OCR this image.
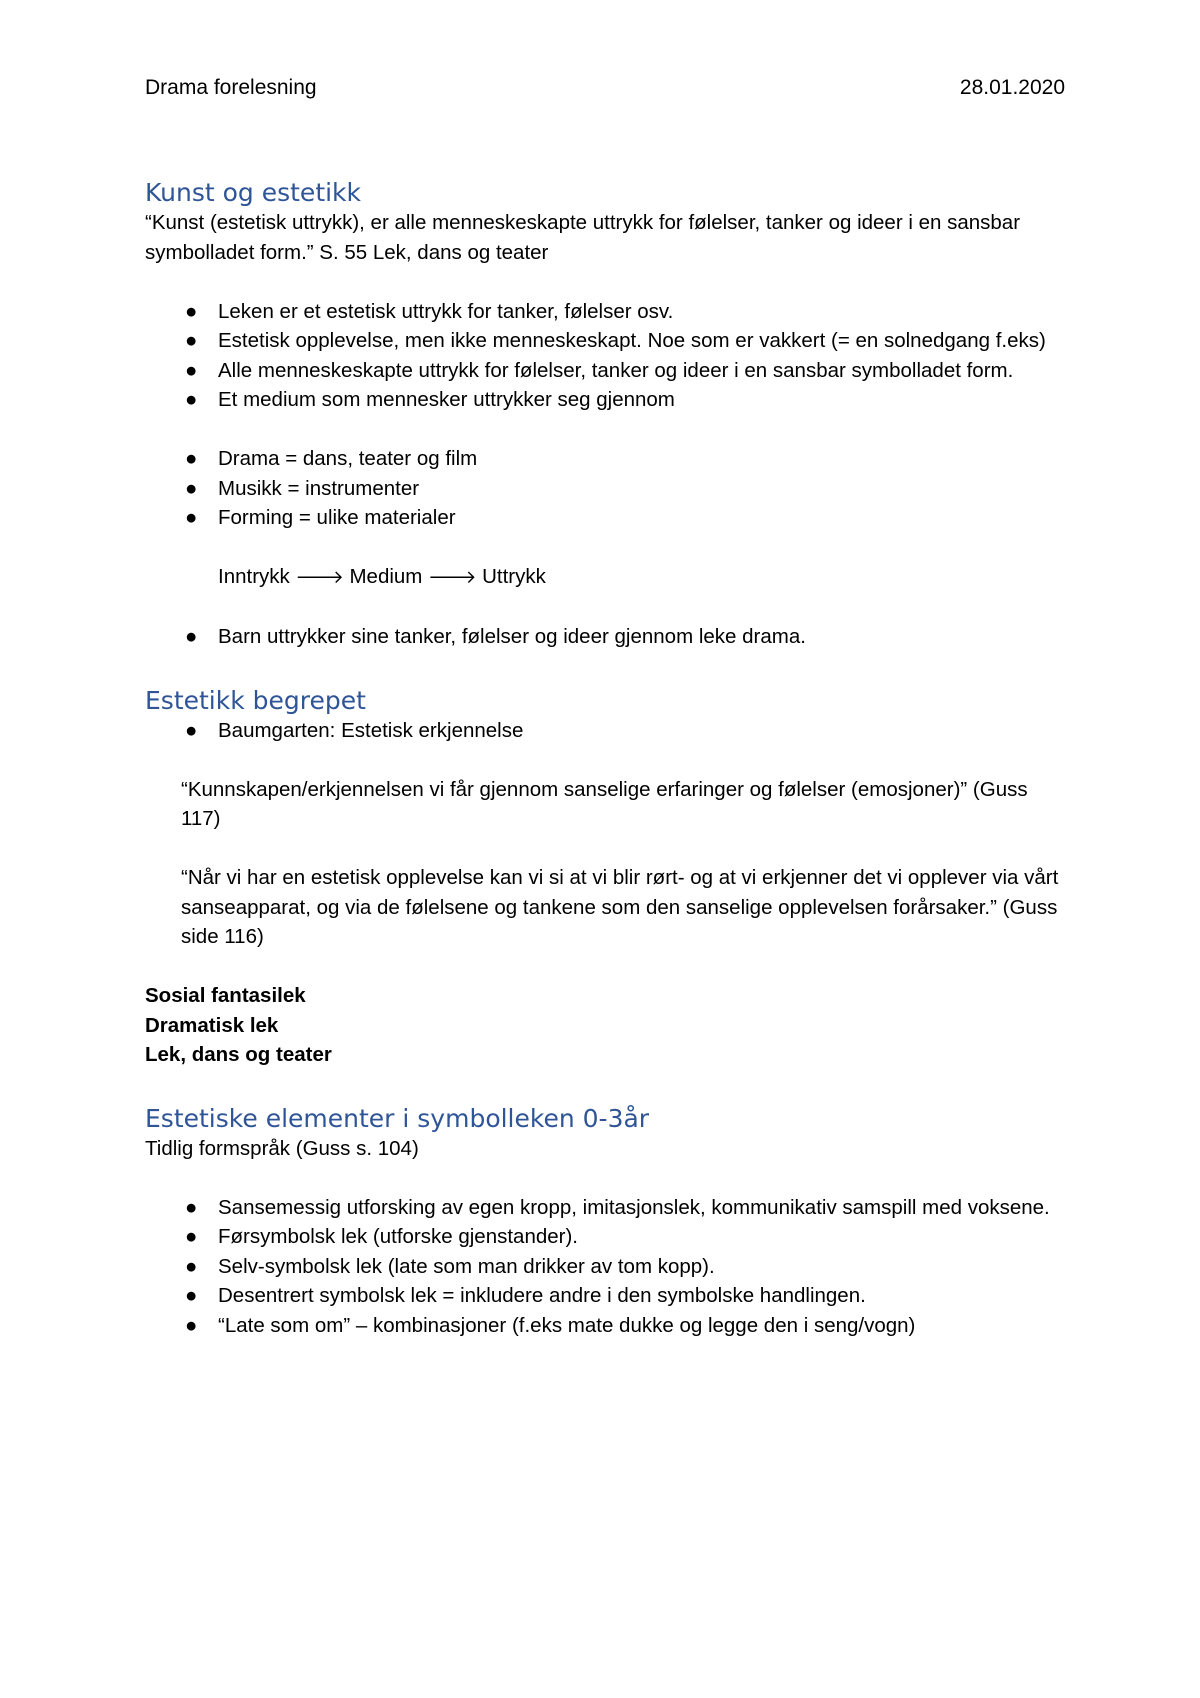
Drama forelesning	28.01.2020
Kunst og estetikk

“Kunst (estetisk uttrykk), er alle menneskeskapte uttrykk for følelser, tanker og ideer i en sansbar symbolladet form.” S. 55 Lek, dans og teater

● Leken er et estetisk uttrykk for tanker, følelser osv.
● Estetisk opplevelse, men ikke menneskeskapt. Noe som er vakkert (= en solnedgang f.eks)
● Alle menneskeskapte uttrykk for følelser, tanker og ideer i en sansbar symbolladet form.
● Et medium som mennesker uttrykker seg gjennom
● Drama = dans, teater og film
● Musikk = instrumenter
● Forming = ulike materialer

Inntrykk 🡒 Medium 🡒 Uttrykk

● Barn uttrykker sine tanker, følelser og ideer gjennom leke drama.
Estetikk begrepet
● Baumgarten: Estetisk erkjennelse

“Kunnskapen/erkjennelsen vi får gjennom sanselige erfaringer og følelser (emosjoner)” (Guss 117)

“Når vi har en estetisk opplevelse kan vi si at vi blir rørt- og at vi erkjenner det vi opplever via vårt sanseapparat, og via de følelsene og tankene som den sanselige opplevelsen forårsaker.” (Guss side 116)

Sosial fantasilek

Dramatisk lek

Lek, dans og teater

Estetiske elementer i symbolleken 0-3år

Tidlig formspråk (Guss s. 104)

● Sansemessig utforsking av egen kropp, imitasjonslek, kommunikativ samspill med voksene.
● Førsymbolsk lek (utforske gjenstander).
● Selv-symbolsk lek (late som man drikker av tom kopp).
● Desentrert symbolsk lek = inkludere andre i den symbolske handlingen.
● “Late som om” – kombinasjoner (f.eks mate dukke og legge den i seng/vogn)
